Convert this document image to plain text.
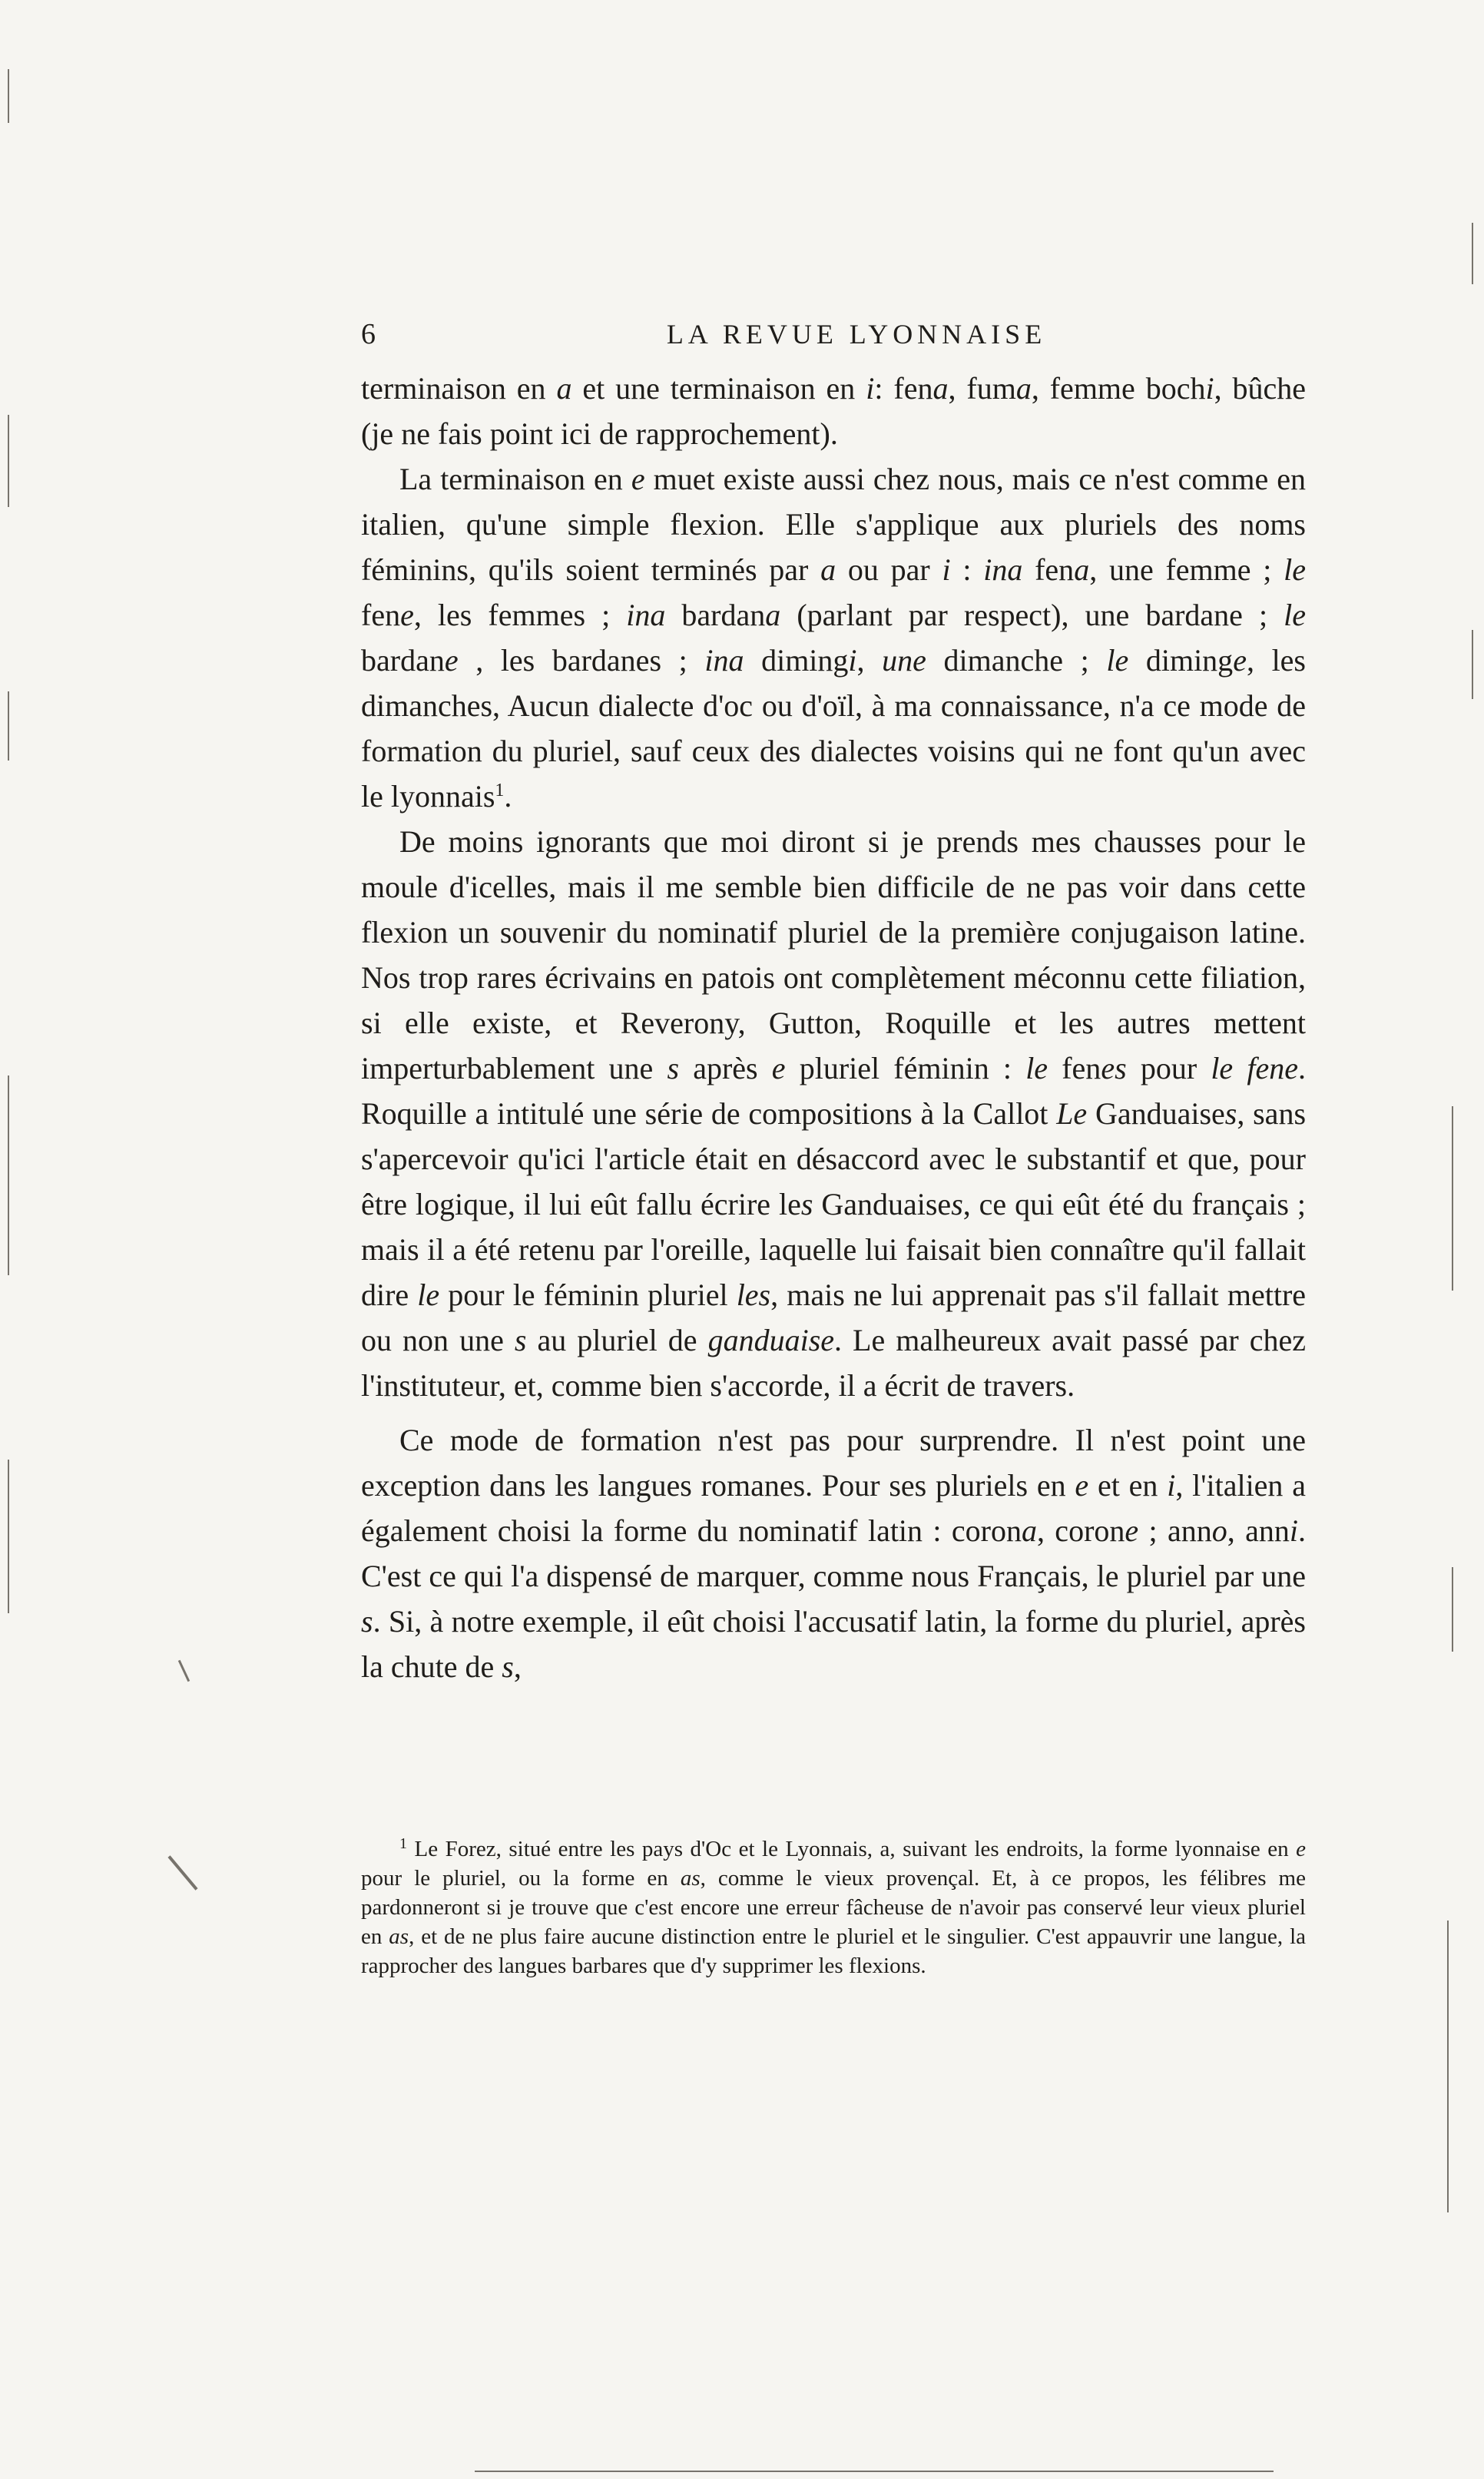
6	LA REVUE LYONNAISE

terminaison en a et une terminaison en i: fena, fuma, femme bochi, bûche (je ne fais point ici de rapprochement).

La terminaison en e muet existe aussi chez nous, mais ce n'est comme en italien, qu'une simple flexion. Elle s'applique aux pluriels des noms féminins, qu'ils soient terminés par a ou par i : ina fena, une femme ; le fene, les femmes ; ina bardana (parlant par respect), une bardane ; le bardane , les bardanes ; ina dimingi, une dimanche ; le diminge, les dimanches, Aucun dialecte d'oc ou d'oïl, à ma connaissance, n'a ce mode de formation du pluriel, sauf ceux des dialectes voisins qui ne font qu'un avec le lyonnais$^1$.

De moins ignorants que moi diront si je prends mes chausses pour le moule d'icelles, mais il me semble bien difficile de ne pas voir dans cette flexion un souvenir du nominatif pluriel de la première conjugaison latine. Nos trop rares écrivains en patois ont complètement méconnu cette filiation, si elle existe, et Reverony, Gutton, Roquille et les autres mettent imperturbablement une s après e pluriel féminin : le fenes pour le fene. Roquille a intitulé une série de compositions à la Callot Le Ganduaises, sans s'apercevoir qu'ici l'article était en désaccord avec le substantif et que, pour être logique, il lui eût fallu écrire les Ganduaises, ce qui eût été du français ; mais il a été retenu par l'oreille, laquelle lui faisait bien connaître qu'il fallait dire le pour le féminin pluriel les, mais ne lui apprenait pas s'il fallait mettre ou non une s au pluriel de ganduaise. Le malheureux avait passé par chez l'instituteur, et, comme bien s'accorde, il a écrit de travers.

Ce mode de formation n'est pas pour surprendre. Il n'est point une exception dans les langues romanes. Pour ses pluriels en e et en i, l'italien a également choisi la forme du nominatif latin : corona, corone ; anno, anni. C'est ce qui l'a dispensé de marquer, comme nous Français, le pluriel par une s. Si, à notre exemple, il eût choisi l'accusatif latin, la forme du pluriel, après la chute de s,

$^1$ Le Forez, situé entre les pays d'Oc et le Lyonnais, a, suivant les endroits, la forme lyonnaise en e pour le pluriel, ou la forme en as, comme le vieux provençal. Et, à ce propos, les félibres me pardonneront si je trouve que c'est encore une erreur fâcheuse de n'avoir pas conservé leur vieux pluriel en as, et de ne plus faire aucune distinction entre le pluriel et le singulier. C'est appauvrir une langue, la rapprocher des langues barbares que d'y supprimer les flexions.
